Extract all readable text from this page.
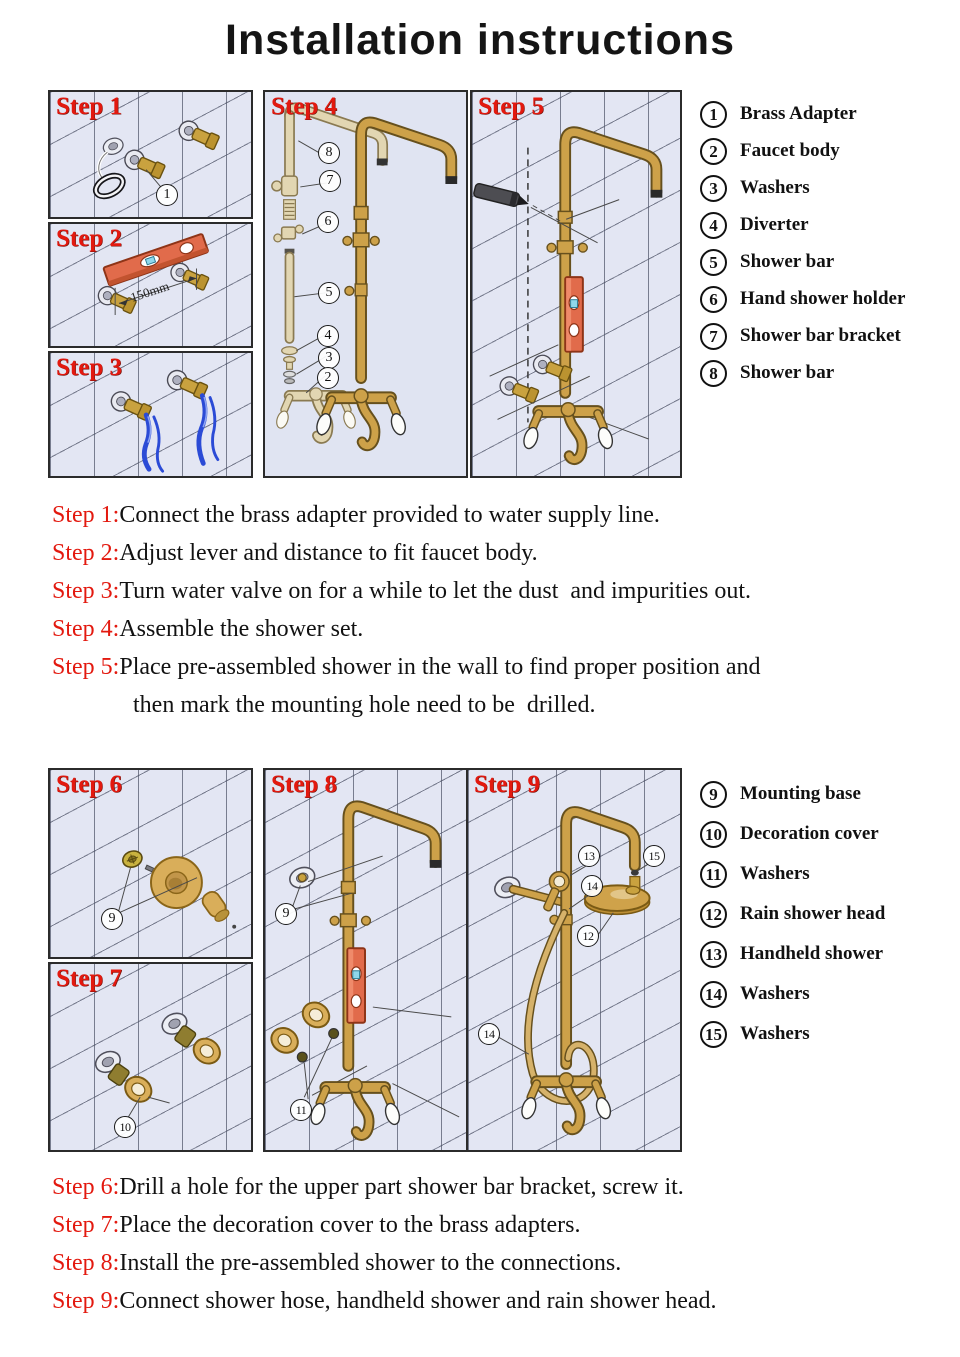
Installation instructions
Step 1
1
Step 2
150mm
Step 3
Step 4
8
7
6
5
4
3
2
Step 5	1	Brass Adapter
2	Faucet body
3	Washers
4	Diverter
5	Shower bar
6	Hand shower holder
7	Shower bar bracket
8	Shower bar
Step 1:Connect the brass adapter provided to water supply line.
Step 2:Adjust lever and distance to fit faucet body.
Step 3:Turn water valve on for a while to let the dust  and impurities out.
Step 4:Assemble the shower set.
Step 5:Place pre-assembled shower in the wall to find proper position and
then mark the mounting hole need to be  drilled.
Step 6
9
Step 7
10
Step 8
9
11
Step 9
13	15
14
12
14
9	Mounting base
10 Decoration cover
11 Washers
12 Rain shower head
13 Handheld shower
14 Washers
15 Washers
Step 6:Drill a hole for the upper part shower bar bracket, screw it.
Step 7:Place the decoration cover to the brass adapters.
Step 8:Install the pre-assembled shower to the connections.
Step 9:Connect shower hose, handheld shower and rain shower head.
